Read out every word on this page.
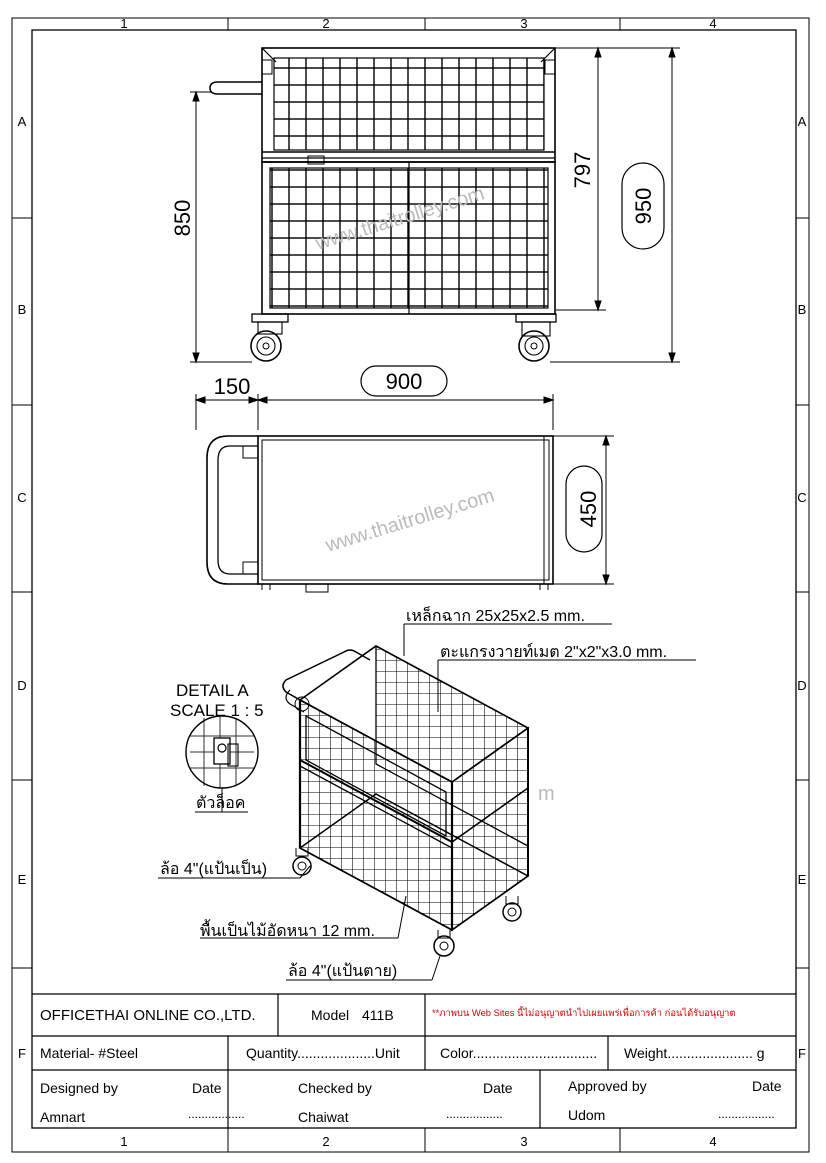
1	2	3	4
1	2	3	4
A
B
C
D
E
F
A
B
C
D
E
F
850
797
950
www.thaitrolley.com
150	900
450
www.thaitrolley.com
เหล็กฉาก 25x25x2.5 mm.
ตะแกรงวายท์เมต 2"x2"x3.0 mm.
DETAIL A
SCALE 1 : 5
ตัวล็อค
ล้อ 4"(แป้นเป็น)
พื้นเป็นไม้อัดหนา 12 mm.
ล้อ 4"(แป้นตาย)
m
OFFICETHAI ONLINE CO.,LTD.	Model 411B	**ภาพบน Web Sites นี้ไม่อนุญาตนำไปเผยแพร่เพื่อการค้า ก่อนได้รับอนุญาต
Material- #Steel	Quantity....................Unit	Color................................ Weight...................... g
Designed by	Date
Amnart	.................
Checked by	Date
Chaiwat	.................
Approved by	Date
Udom	.................
